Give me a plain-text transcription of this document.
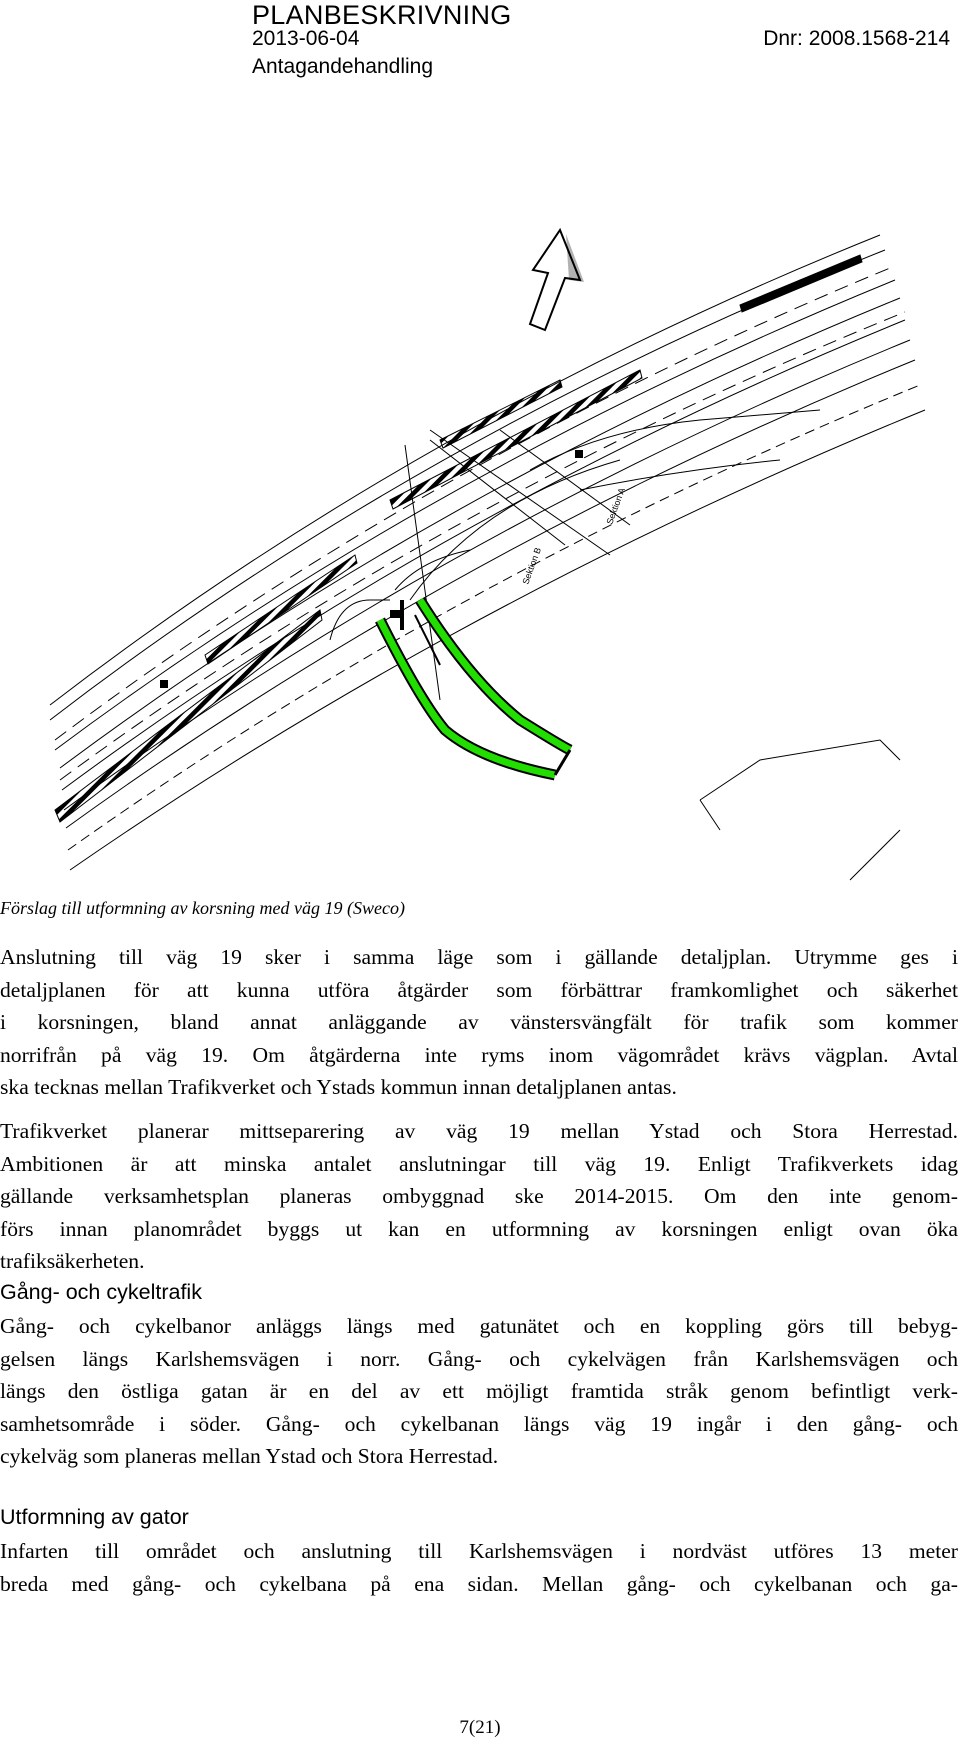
PLANBESKRIVNING
2013-06-04	Dnr: 2008.1568-214
Antagandehandling
Sektion A
Sektion B
Förslag till utformning av korsning med väg 19 (Sweco)

Anslutning till väg 19 sker i samma läge som i gällande detaljplan. Utrymme ges i
detaljplanen för att kunna utföra åtgärder som förbättrar framkomlighet och säkerhet
i korsningen, bland annat anläggande av vänstersvängfält för trafik som kommer
norrifrån på väg 19. Om åtgärderna inte ryms inom vägområdet krävs vägplan. Avtal
ska tecknas mellan Trafikverket och Ystads kommun innan detaljplanen antas.

Trafikverket planerar mittseparering av väg 19 mellan Ystad och Stora Herrestad.
Ambitionen är att minska antalet anslutningar till väg 19. Enligt Trafikverkets idag
gällande verksamhetsplan planeras ombyggnad ske 2014-2015. Om den inte genom-
förs innan planområdet byggs ut kan en utformning av korsningen enligt ovan öka
trafiksäkerheten.

Gång- och cykeltrafik

Gång- och cykelbanor anläggs längs med gatunätet och en koppling görs till bebyg-
gelsen längs Karlshemsvägen i norr. Gång- och cykelvägen från Karlshemsvägen och
längs den östliga gatan är en del av ett möjligt framtida stråk genom befintligt verk-
samhetsområde i söder. Gång- och cykelbanan längs väg 19 ingår i den gång- och
cykelväg som planeras mellan Ystad och Stora Herrestad.

Utformning av gator

Infarten till området och anslutning till Karlshemsvägen i nordväst utföres 13 meter
breda med gång- och cykelbana på ena sidan. Mellan gång- och cykelbanan och ga-

7(21)
